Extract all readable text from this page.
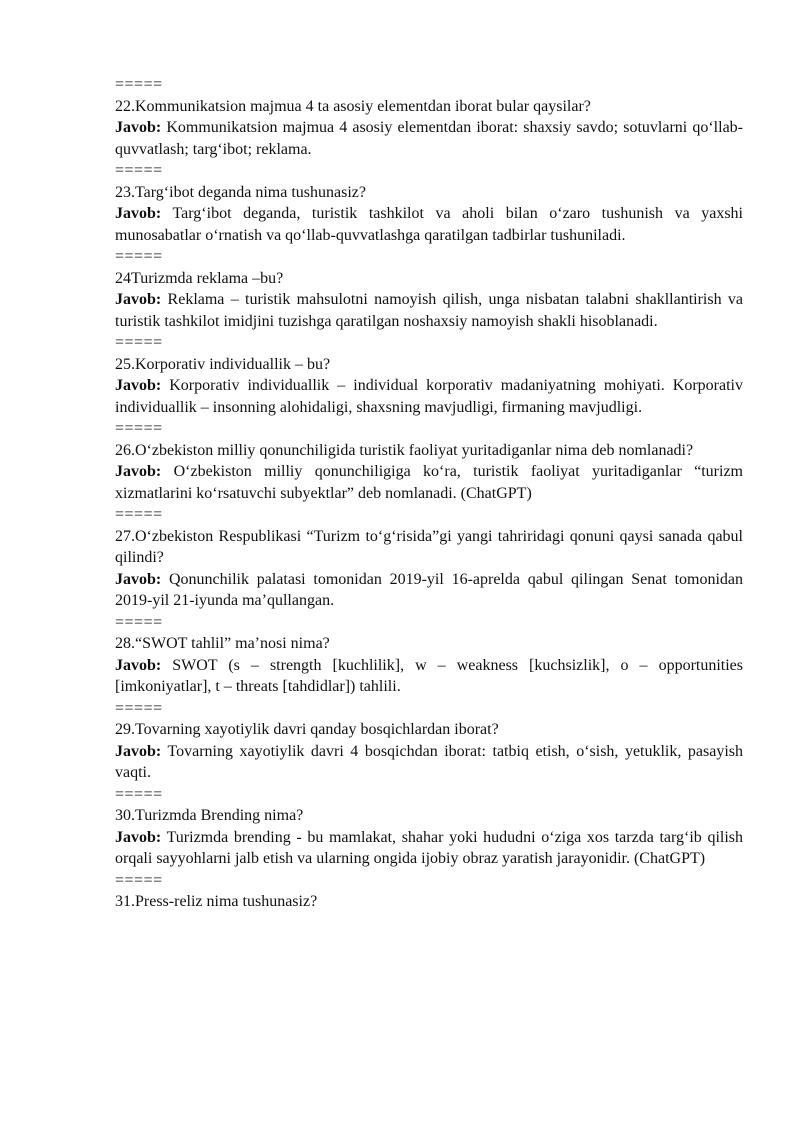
=====

22.Kommunikatsion majmua 4 ta asosiy elementdan iborat bular qaysilar?

Javob: Kommunikatsion majmua 4 asosiy elementdan iborat: shaxsiy savdo; sotuvlarni qo‘llab-quvvatlash; targ‘ibot; reklama.

=====

23.Targ‘ibot deganda nima tushunasiz?

Javob: Targ‘ibot deganda, turistik tashkilot va aholi bilan o‘zaro tushunish va yaxshi munosabatlar o‘rnatish va qo‘llab-quvvatlashga qaratilgan tadbirlar tushuniladi.

=====

24Turizmda reklama –bu?

Javob: Reklama – turistik mahsulotni namoyish qilish, unga nisbatan talabni shakllantirish va turistik tashkilot imidjini tuzishga qaratilgan noshaxsiy namoyish shakli hisoblanadi.

=====

25.Korporativ individuallik – bu?

Javob: Korporativ individuallik – individual korporativ madaniyatning mohiyati. Korporativ individuallik – insonning alohidaligi, shaxsning mavjudligi, firmaning mavjudligi.

=====

26.O‘zbekiston milliy qonunchiligida turistik faoliyat yuritadiganlar nima deb nomlanadi?

Javob: O‘zbekiston milliy qonunchiligiga ko‘ra, turistik faoliyat yuritadiganlar “turizm xizmatlarini ko‘rsatuvchi subyektlar” deb nomlanadi. (ChatGPT)

=====

27.O‘zbekiston Respublikasi “Turizm to‘g‘risida”gi yangi tahriridagi qonuni qaysi sanada qabul qilindi?

Javob: Qonunchilik palatasi tomonidan 2019-yil 16-aprelda qabul qilingan Senat tomonidan 2019-yil 21-iyunda ma’qullangan.

=====

28.“SWOT tahlil” ma’nosi nima?

Javob: SWOT (s – strength [kuchlilik], w – weakness [kuchsizlik], o – opportunities [imkoniyatlar], t – threats [tahdidlar]) tahlili.

=====

29.Tovarning xayotiylik davri qanday bosqichlardan iborat?

Javob: Tovarning xayotiylik davri 4 bosqichdan iborat: tatbiq etish, o‘sish, yetuklik, pasayish vaqti.

=====

30.Turizmda Brending nima?

Javob: Turizmda brending - bu mamlakat, shahar yoki hududni o‘ziga xos tarzda targ‘ib qilish orqali sayyohlarni jalb etish va ularning ongida ijobiy obraz yaratish jarayonidir. (ChatGPT)

=====

31.Press-reliz nima tushunasiz?
